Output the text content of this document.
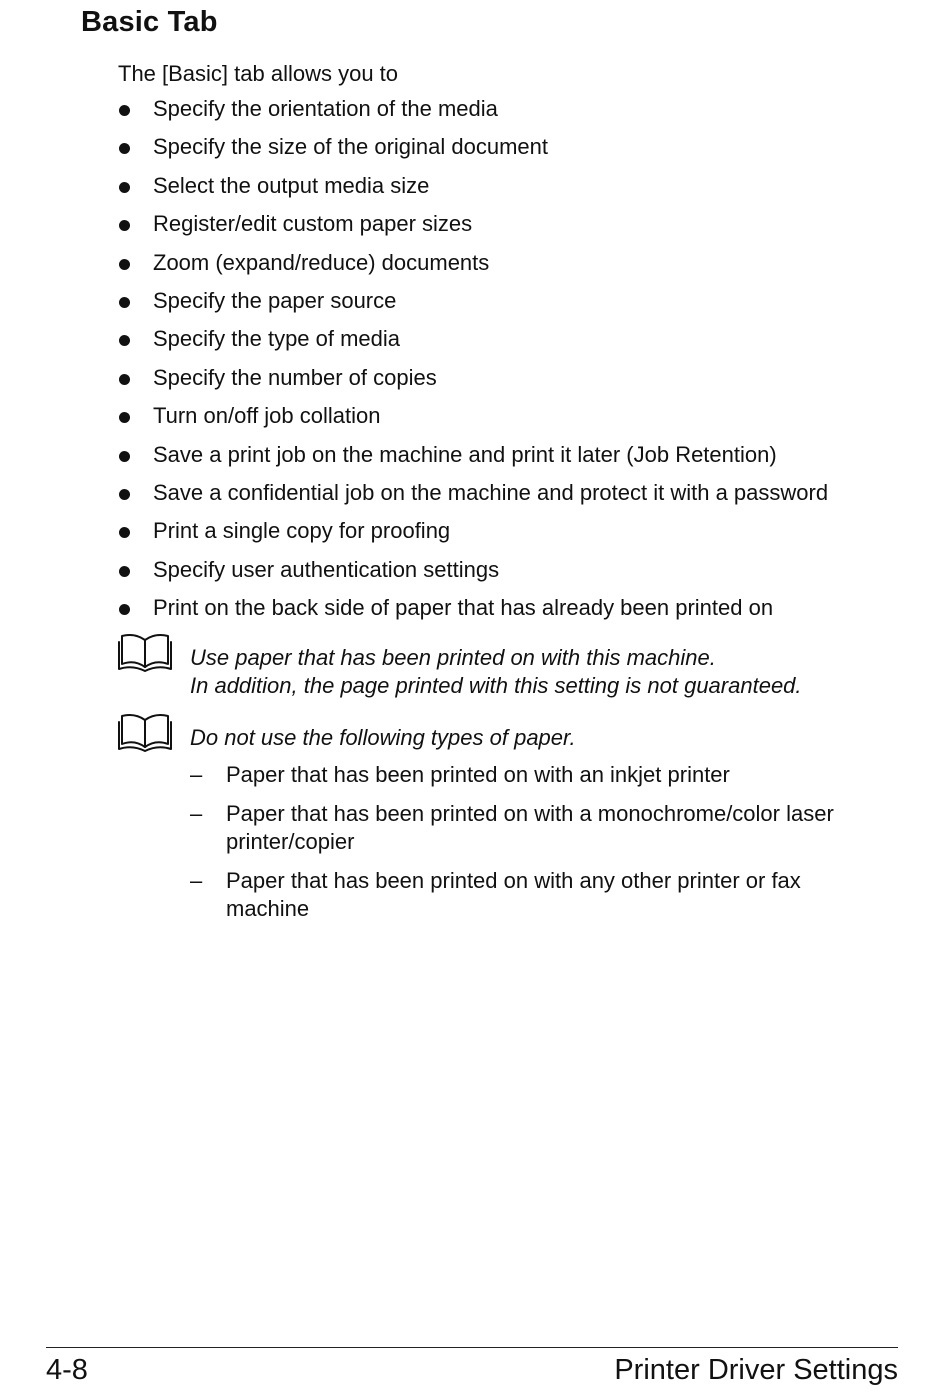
Basic Tab
The [Basic] tab allows you to
Specify the orientation of the media
Specify the size of the original document
Select the output media size
Register/edit custom paper sizes
Zoom (expand/reduce) documents
Specify the paper source
Specify the type of media
Specify the number of copies
Turn on/off job collation
Save a print job on the machine and print it later (Job Retention)
Save a confidential job on the machine and protect it with a password
Print a single copy for proofing
Specify user authentication settings
Print on the back side of paper that has already been printed on
Use paper that has been printed on with this machine.
In addition, the page printed with this setting is not guaranteed.
Do not use the following types of paper.
– Paper that has been printed on with an inkjet printer
– Paper that has been printed on with a monochrome/color laser printer/copier
– Paper that has been printed on with any other printer or fax machine
4-8	Printer Driver Settings
